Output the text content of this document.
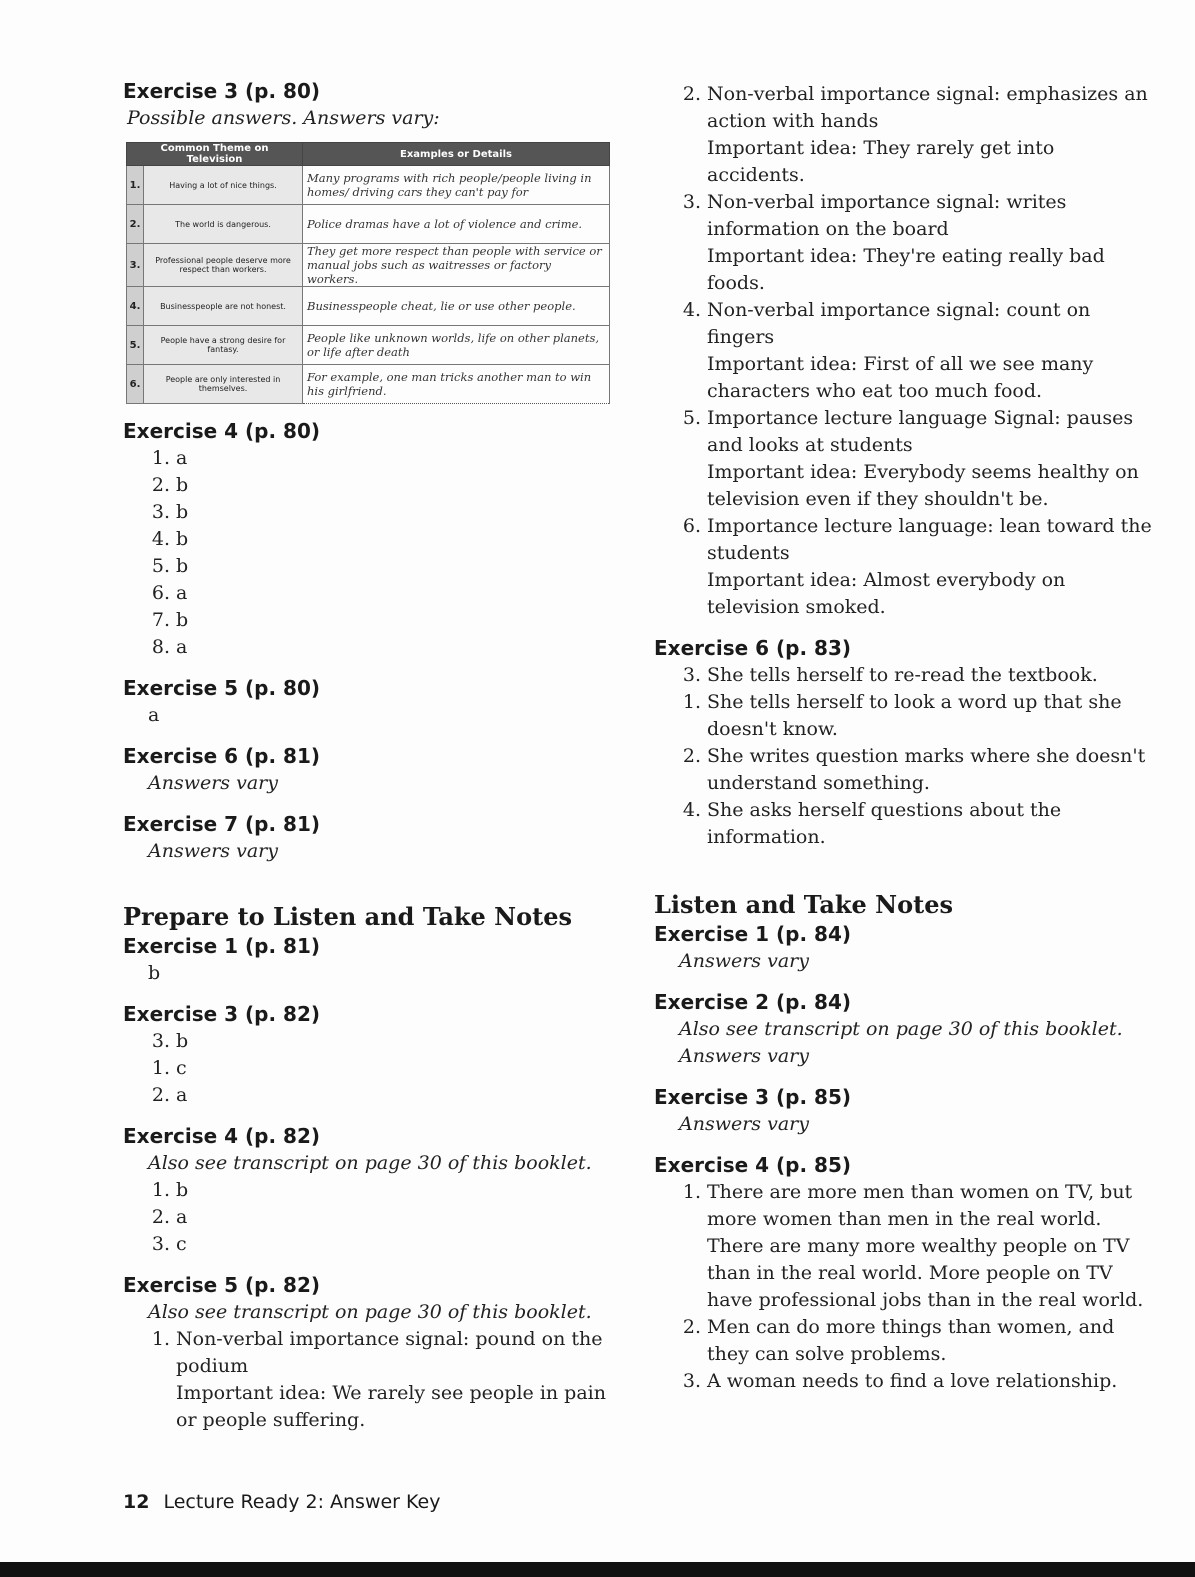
Exercise 3 (p. 80)

Possible answers. Answers vary:

Common Theme on Television		Examples or Details
1.	Having a lot of nice things.	Many programs with rich people/people living in homes/ driving cars they can't pay for
2.	The world is dangerous.	Police dramas have a lot of violence and crime.
3.	Professional people deserve more respect than workers.	They get more respect than people with service or manual jobs such as waitresses or factory workers.
4.	Businesspeople are not honest.	Businesspeople cheat, lie or use other people.
5.	People have a strong desire for fantasy.	People like unknown worlds, life on other planets, or life after death
6.	People are only interested in themselves.	For example, one man tricks another man to win his girlfriend.

Exercise 4 (p. 80)

1. a
2. b
3. b
4. b
5. b
6. a
7. b
8. a

Exercise 5 (p. 80)

a

Exercise 6 (p. 81)

Answers vary

Exercise 7 (p. 81)

Answers vary

Prepare to Listen and Take Notes

Exercise 1 (p. 81)

b

Exercise 3 (p. 82)

3. b
1. c
2. a

Exercise 4 (p. 82)

Also see transcript on page 30 of this booklet.

1. b
2. a
3. c

Exercise 5 (p. 82)

Also see transcript on page 30 of this booklet.

1. Non-verbal importance signal: pound on the podium
Important idea: We rarely see people in pain or people suffering.
2. Non-verbal importance signal: emphasizes an action with hands
Important idea: They rarely get into accidents.
3. Non-verbal importance signal: writes information on the board
Important idea: They're eating really bad foods.
4. Non-verbal importance signal: count on fingers
Important idea: First of all we see many characters who eat too much food.
5. Importance lecture language Signal: pauses and looks at students
Important idea: Everybody seems healthy on television even if they shouldn't be.
6. Importance lecture language: lean toward the students
Important idea: Almost everybody on television smoked.

Exercise 6 (p. 83)

3. She tells herself to re-read the textbook.
1. She tells herself to look a word up that she doesn't know.
2. She writes question marks where she doesn't understand something.
4. She asks herself questions about the information.

Listen and Take Notes

Exercise 1 (p. 84)

Answers vary

Exercise 2 (p. 84)

Also see transcript on page 30 of this booklet.

Answers vary

Exercise 3 (p. 85)

Answers vary

Exercise 4 (p. 85)

1. There are more men than women on TV, but more women than men in the real world. There are many more wealthy people on TV than in the real world. More people on TV have professional jobs than in the real world.
2. Men can do more things than women, and they can solve problems.
3. A woman needs to find a love relationship.
12 Lecture Ready 2: Answer Key
